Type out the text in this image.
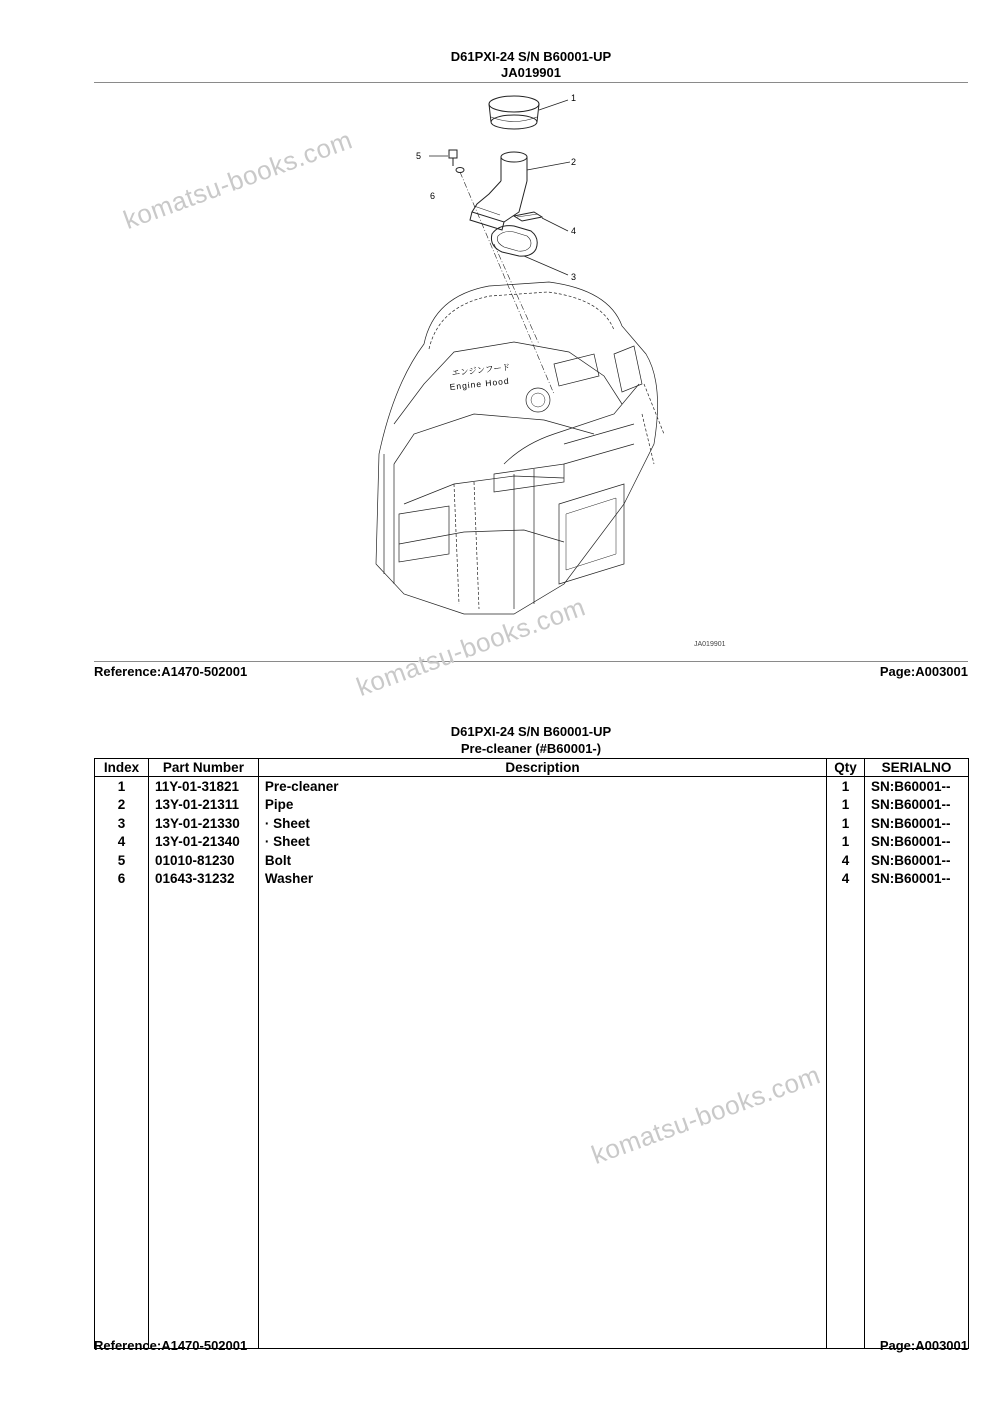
D61PXI-24 S/N B60001-UP
JA019901
1
2
4
3
5
6
エンジンフード
Engine Hood
JA019901
Reference:A1470-502001	Page:A003001
D61PXI-24 S/N B60001-UP
Pre-cleaner (#B60001-)
Index	Part Number	Description	Qty	SERIALNO
1	11Y-01-31821	Pre-cleaner	1	SN:B60001--
2	13Y-01-21311	Pipe	1	SN:B60001--
3	13Y-01-21330	· Sheet	1	SN:B60001--
4	13Y-01-21340	· Sheet	1	SN:B60001--
5	01010-81230	Bolt	4	SN:B60001--
6	01643-31232	Washer	4	SN:B60001--

Reference:A1470-502001	Page:A003001
komatsu-books.com
komatsu-books.com
komatsu-books.com
